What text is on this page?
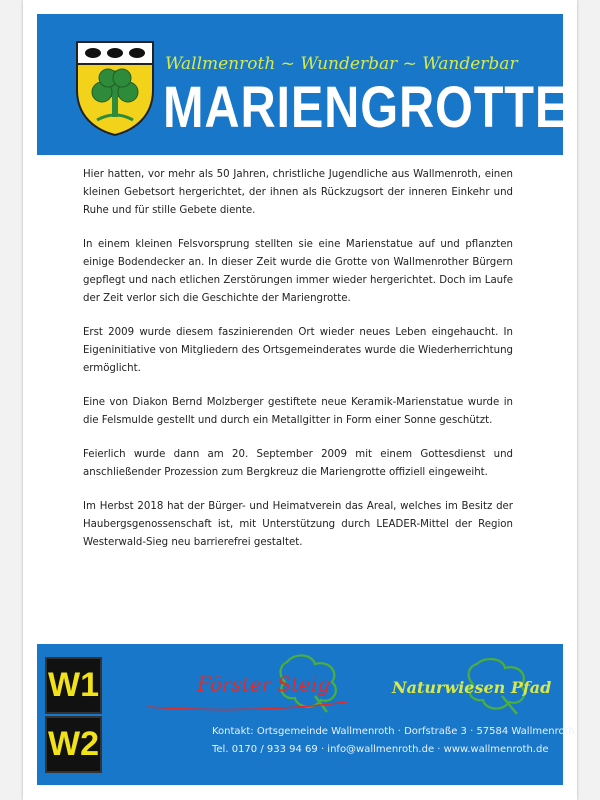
Wallmenroth ~ Wunderbar ~ Wanderbar
MARIENGROTTE

Hier hatten, vor mehr als 50 Jahren, christliche Jugendliche aus Wallmenroth, einen kleinen Gebetsort hergerichtet, der ihnen als Rückzugsort der inneren Einkehr und Ruhe und für stille Gebete diente.

In einem kleinen Felsvorsprung stellten sie eine Marienstatue auf und pflanzten einige Bodendecker an. In dieser Zeit wurde die Grotte von Wallmenrother Bürgern gepflegt und nach etlichen Zerstörungen immer wieder hergerichtet. Doch im Laufe der Zeit verlor sich die Geschichte der Mariengrotte.

Erst 2009 wurde diesem faszinierenden Ort wieder neues Leben eingehaucht. In Eigeninitiative von Mitgliedern des Ortsgemeinderates wurde die Wiederherrichtung ermöglicht.

Eine von Diakon Bernd Molzberger gestiftete neue Keramik-Marienstatue wurde in die Felsmulde gestellt und durch ein Metallgitter in Form einer Sonne geschützt.

Feierlich wurde dann am 20. September 2009 mit einem Gottesdienst und anschließender Prozession zum Bergkreuz die Mariengrotte offiziell eingeweiht.

Im Herbst 2018 hat der Bürger- und Heimatverein das Areal, welches im Besitz der Haubergsgenossenschaft ist, mit Unterstützung durch LEADER-Mittel der Region Westerwald-Sieg neu barrierefrei gestaltet.

W1
W2
Förster Steig	Naturwiesen Pfad
Kontakt: Ortsgemeinde Wallmenroth · Dorfstraße 3 · 57584 Wallmenroth
Tel. 0170 / 933 94 69 · info@wallmenroth.de · www.wallmenroth.de
